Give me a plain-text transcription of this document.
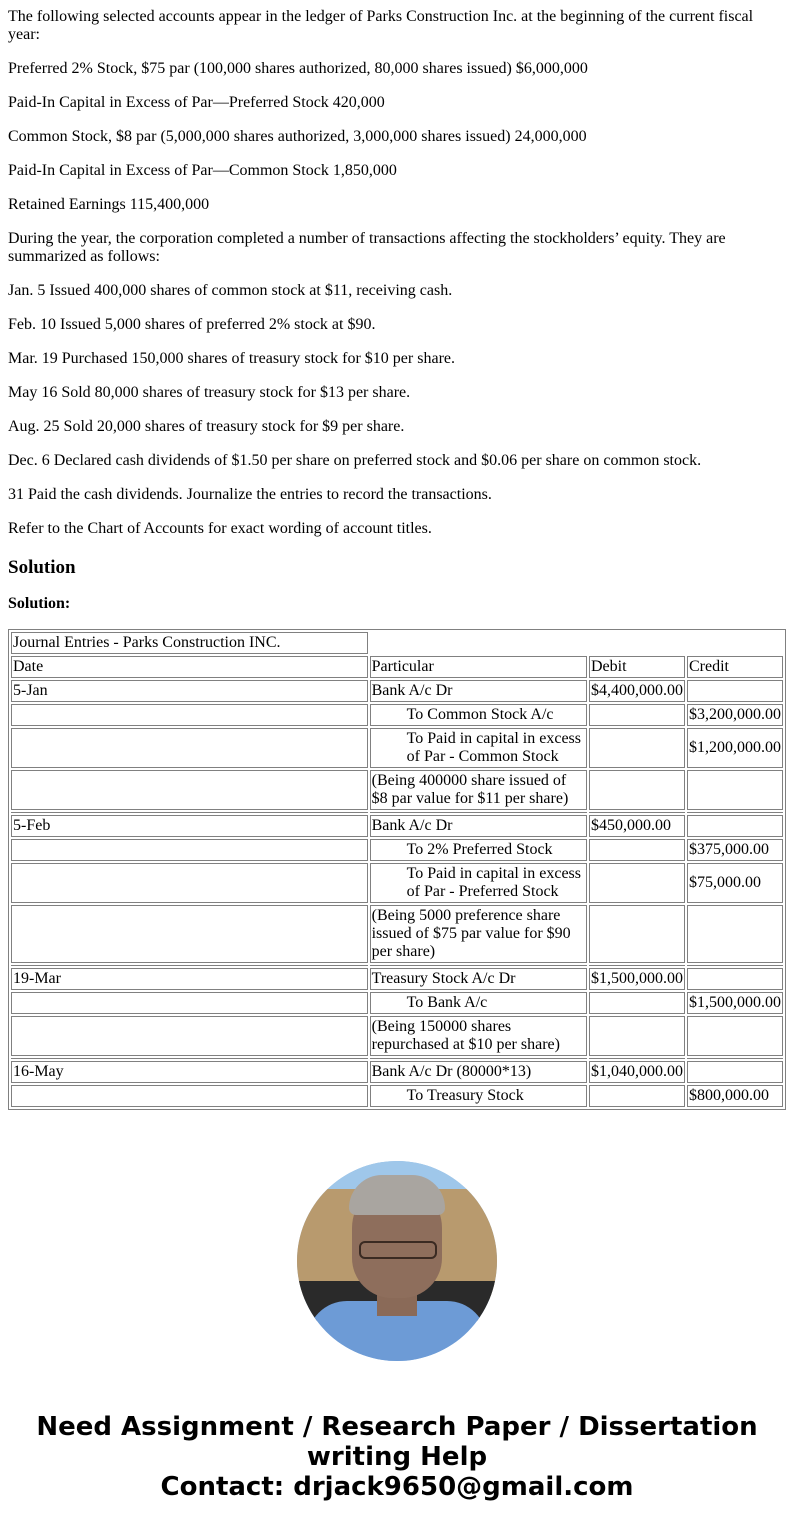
The following selected accounts appear in the ledger of Parks Construction Inc. at the beginning of the current fiscal year:

Preferred 2% Stock, $75 par (100,000 shares authorized, 80,000 shares issued) $6,000,000

Paid-In Capital in Excess of Par—Preferred Stock 420,000

Common Stock, $8 par (5,000,000 shares authorized, 3,000,000 shares issued) 24,000,000

Paid-In Capital in Excess of Par—Common Stock 1,850,000

Retained Earnings 115,400,000

During the year, the corporation completed a number of transactions affecting the stockholders’ equity. They are summarized as follows:

Jan. 5 Issued 400,000 shares of common stock at $11, receiving cash.

Feb. 10 Issued 5,000 shares of preferred 2% stock at $90.

Mar. 19 Purchased 150,000 shares of treasury stock for $10 per share.

May 16 Sold 80,000 shares of treasury stock for $13 per share.

Aug. 25 Sold 20,000 shares of treasury stock for $9 per share.

Dec. 6 Declared cash dividends of $1.50 per share on preferred stock and $0.06 per share on common stock.

31 Paid the cash dividends. Journalize the entries to record the transactions.

Refer to the Chart of Accounts for exact wording of account titles.

Solution

Solution:

Journal Entries - Parks Construction INC.			
Date	Particular	Debit	Credit
5-Jan	Bank A/c Dr	$4,400,000.00	
	To Common Stock A/c		$3,200,000.00
	To Paid in capital in excess of Par - Common Stock		$1,200,000.00
	(Being 400000 share issued of $8 par value for $11 per share)		

5-Feb	Bank A/c Dr	$450,000.00	
	To 2% Preferred Stock		$375,000.00
	To Paid in capital in excess of Par - Preferred Stock		$75,000.00
	(Being 5000 preference share issued of $75 par value for $90 per share)		

19-Mar	Treasury Stock A/c Dr	$1,500,000.00	
	To Bank A/c		$1,500,000.00
	(Being 150000 shares repurchased at $10 per share)		

16-May	Bank A/c Dr (80000*13)	$1,040,000.00	
	To Treasury Stock		$800,000.00
Need Assignment / Research Paper / Dissertation
writing Help
Contact: drjack9650@gmail.com
